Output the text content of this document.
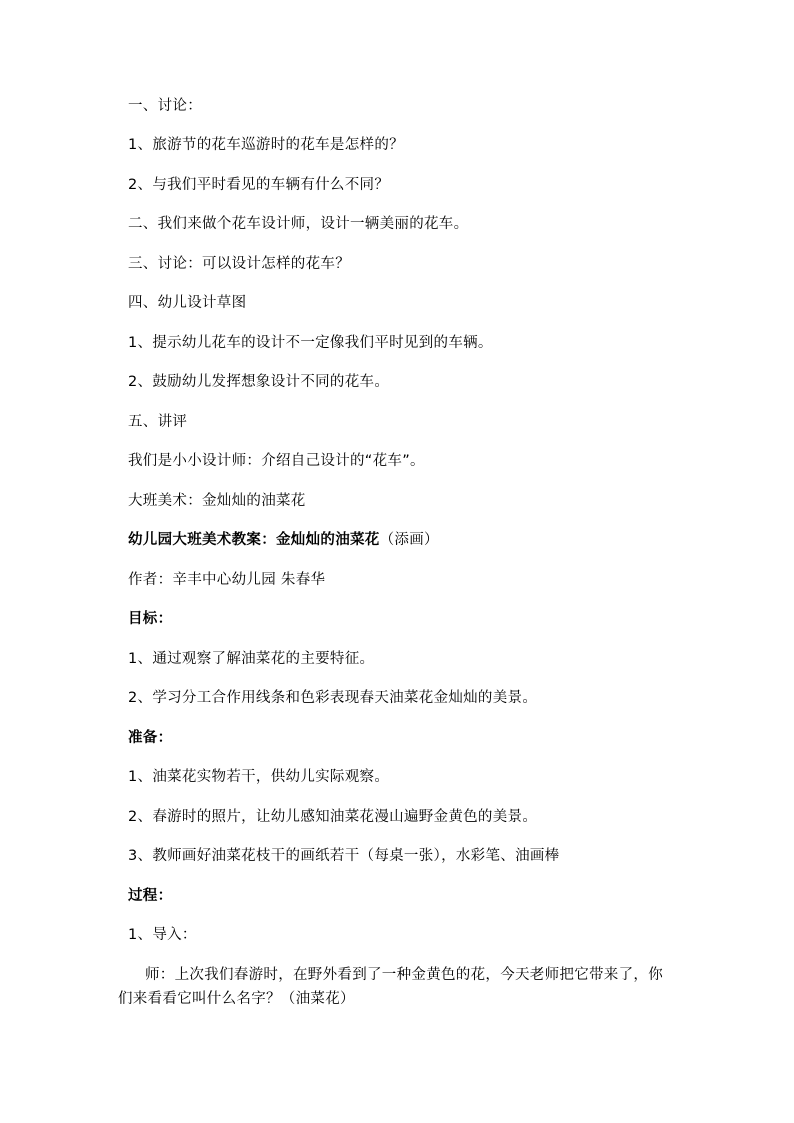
一、讨论：
1、旅游节的花车巡游时的花车是怎样的？
2、与我们平时看见的车辆有什么不同？
二、我们来做个花车设计师，设计一辆美丽的花车。
三、讨论：可以设计怎样的花车？
四、幼儿设计草图
1、提示幼儿花车的设计不一定像我们平时见到的车辆。
2、鼓励幼儿发挥想象设计不同的花车。
五、讲评
我们是小小设计师：介绍自己设计的“花车”。
大班美术：金灿灿的油菜花
幼儿园大班美术教案：金灿灿的油菜花（添画）
作者：辛丰中心幼儿园 朱春华
目标：
1、通过观察了解油菜花的主要特征。
2、学习分工合作用线条和色彩表现春天油菜花金灿灿的美景。
准备：
1、油菜花实物若干，供幼儿实际观察。
2、春游时的照片，让幼儿感知油菜花漫山遍野金黄色的美景。
3、教师画好油菜花枝干的画纸若干（每桌一张），水彩笔、油画棒
过程：
1、导入：
师：上次我们春游时，在野外看到了一种金黄色的花，今天老师把它带来了，你
们来看看它叫什么名字？（油菜花）
